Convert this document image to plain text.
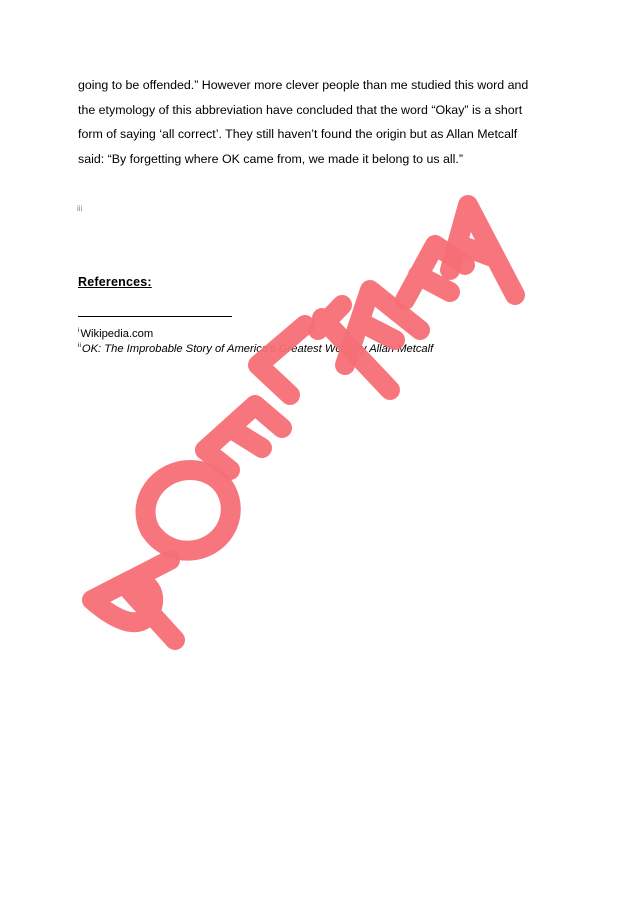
going to be offended.” However more clever people than me studied this word and

the etymology of this abbreviation have concluded that the word “Okay” is a short

form of saying ‘all correct’. They still haven’t found the origin but as Allan Metcalf

said: “By forgetting where OK came from, we made it belong to us all.”

iii
References:
$^i$Wikipedia.com
$^{ii}$OK: The Improbable Story of America's Greatest Word by Allan Metcalf
